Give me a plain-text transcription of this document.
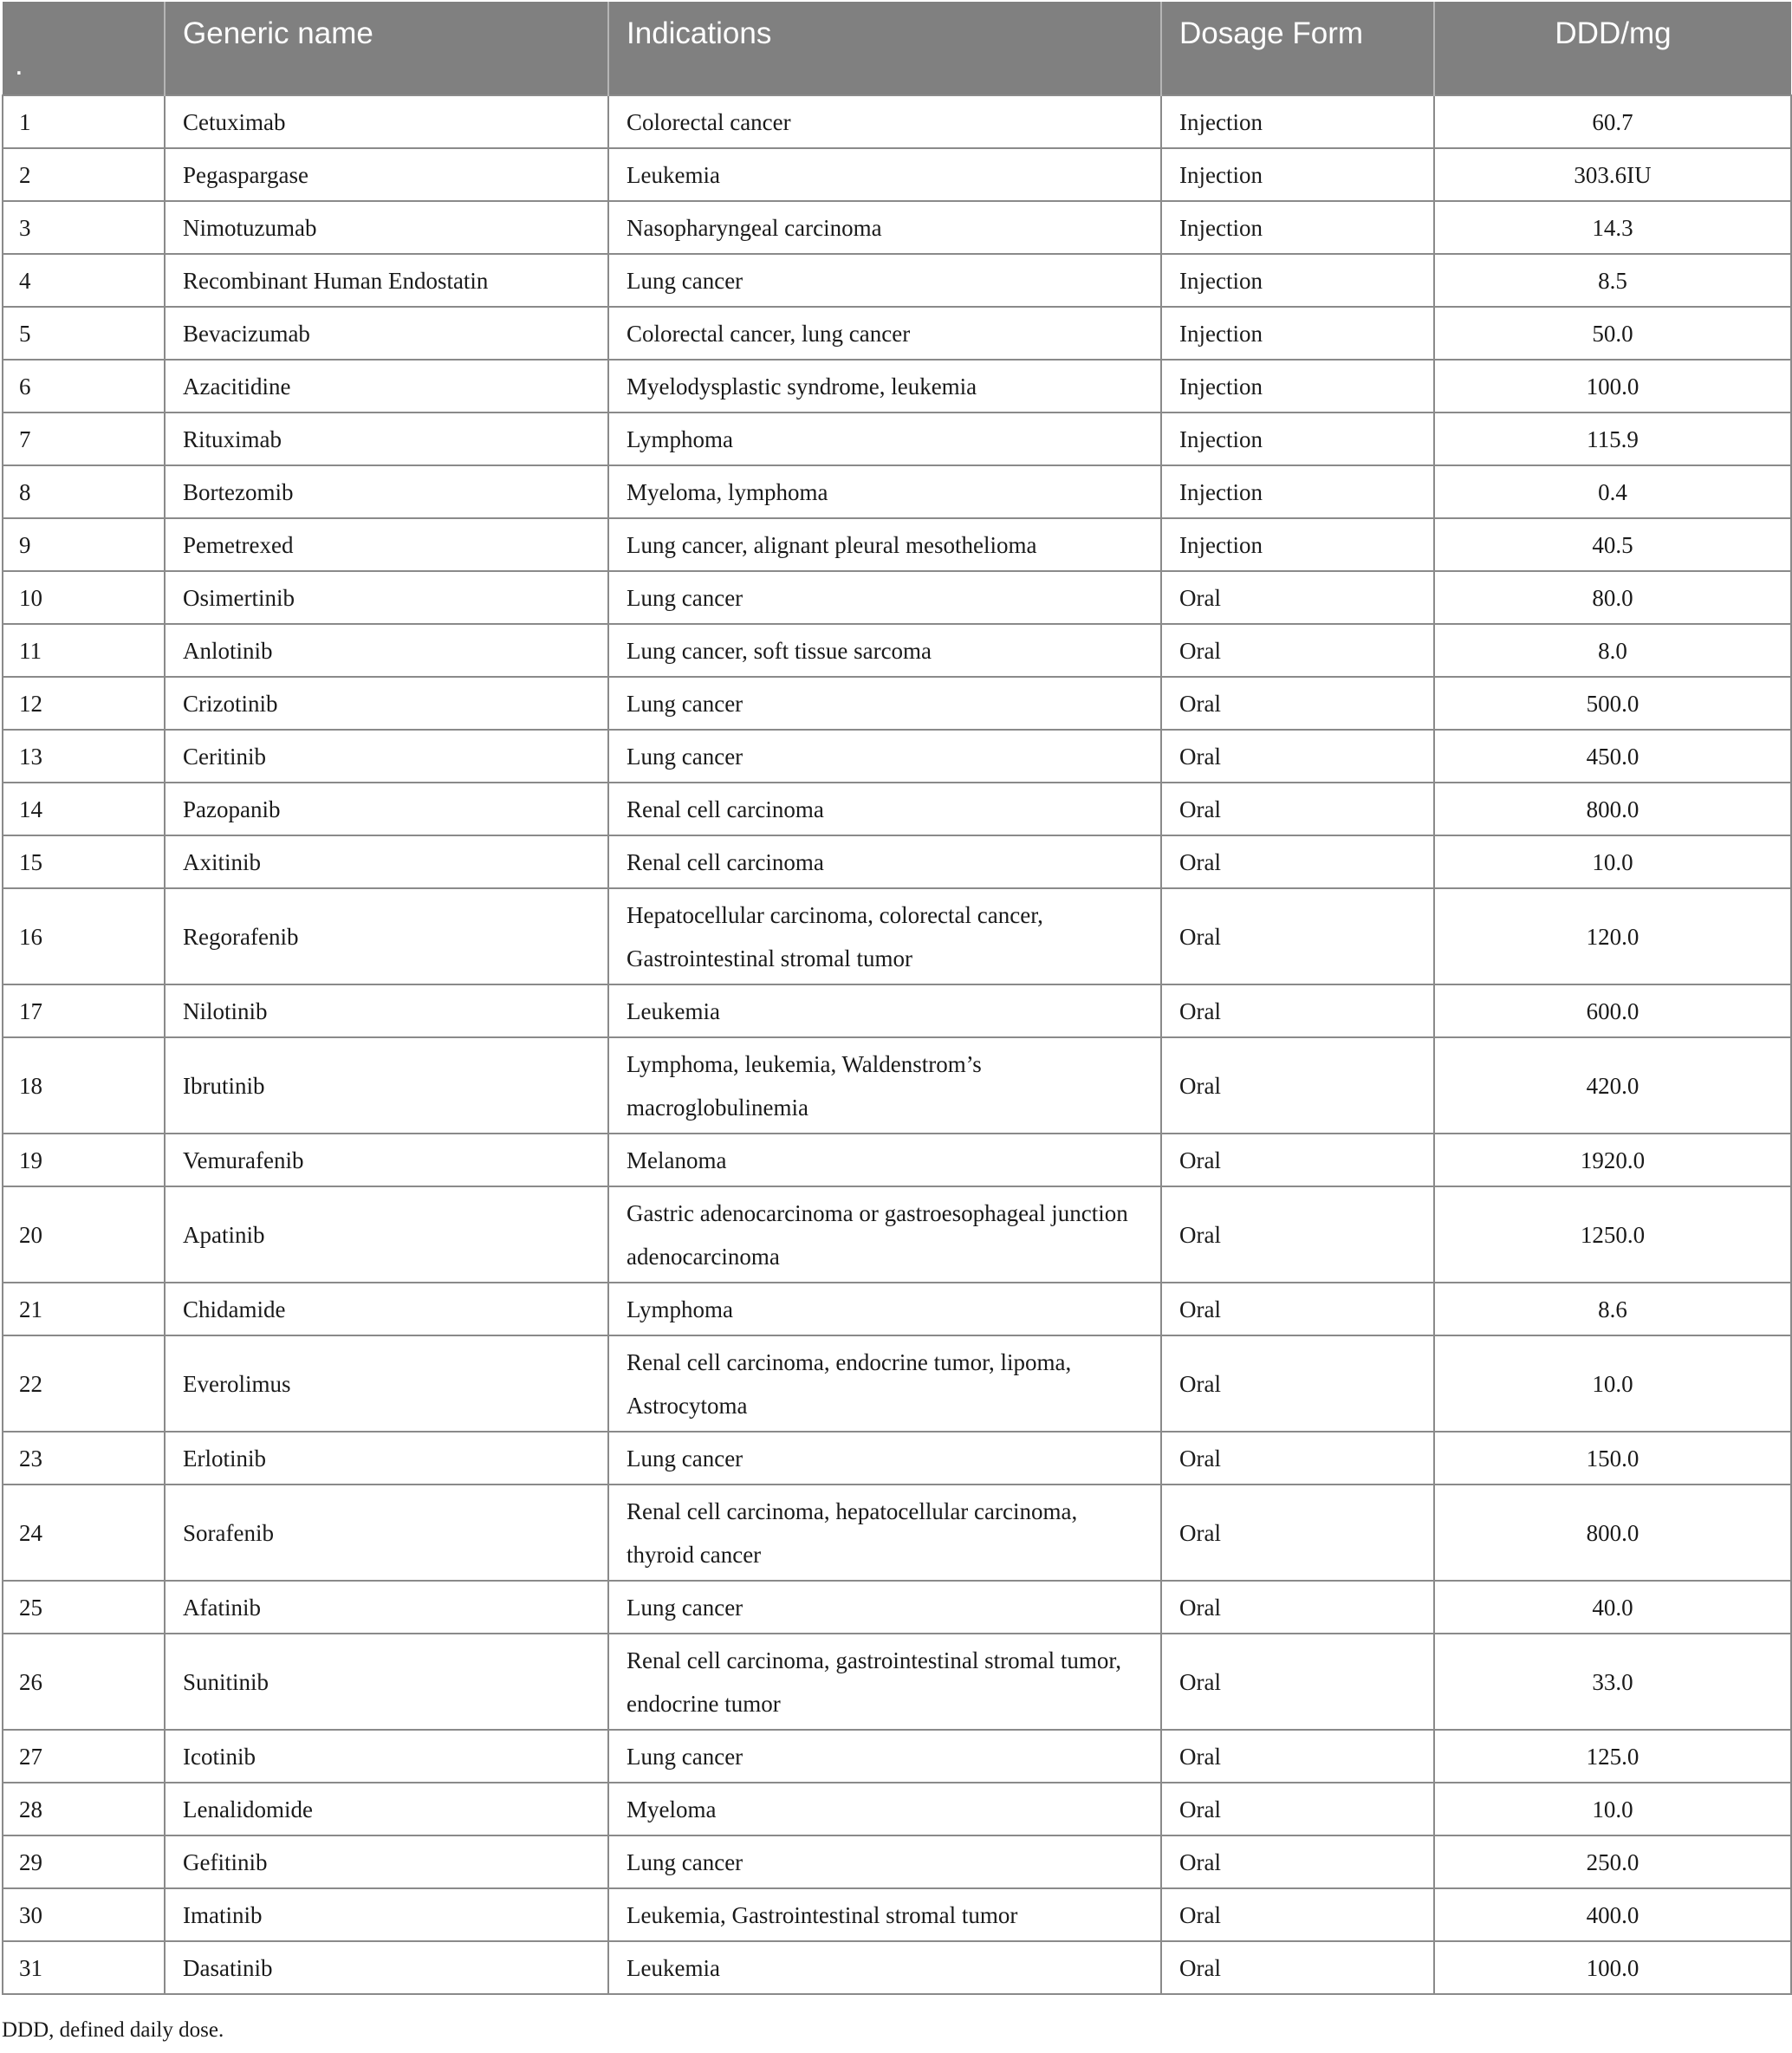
.	Generic name	Indications	Dosage Form	DDD/mg
1	Cetuximab	Colorectal cancer	Injection	60.7
2	Pegaspargase	Leukemia	Injection	303.6IU
3	Nimotuzumab	Nasopharyngeal carcinoma	Injection	14.3
4	Recombinant Human Endostatin	Lung cancer	Injection	8.5
5	Bevacizumab	Colorectal cancer, lung cancer	Injection	50.0
6	Azacitidine	Myelodysplastic syndrome, leukemia	Injection	100.0
7	Rituximab	Lymphoma	Injection	115.9
8	Bortezomib	Myeloma, lymphoma	Injection	0.4
9	Pemetrexed	Lung cancer, alignant pleural mesothelioma	Injection	40.5
10	Osimertinib	Lung cancer	Oral	80.0
11	Anlotinib	Lung cancer, soft tissue sarcoma	Oral	8.0
12	Crizotinib	Lung cancer	Oral	500.0
13	Ceritinib	Lung cancer	Oral	450.0
14	Pazopanib	Renal cell carcinoma	Oral	800.0
15	Axitinib	Renal cell carcinoma	Oral	10.0
16	Regorafenib	Hepatocellular carcinoma, colorectal cancer, Gastrointestinal stromal tumor	Oral	120.0
17	Nilotinib	Leukemia	Oral	600.0
18	Ibrutinib	Lymphoma, leukemia, Waldenstrom’s macroglobulinemia	Oral	420.0
19	Vemurafenib	Melanoma	Oral	1920.0
20	Apatinib	Gastric adenocarcinoma or gastroesophageal junction adenocarcinoma	Oral	1250.0
21	Chidamide	Lymphoma	Oral	8.6
22	Everolimus	Renal cell carcinoma, endocrine tumor, lipoma, Astrocytoma	Oral	10.0
23	Erlotinib	Lung cancer	Oral	150.0
24	Sorafenib	Renal cell carcinoma, hepatocellular carcinoma, thyroid cancer	Oral	800.0
25	Afatinib	Lung cancer	Oral	40.0
26	Sunitinib	Renal cell carcinoma, gastrointestinal stromal tumor, endocrine tumor	Oral	33.0
27	Icotinib	Lung cancer	Oral	125.0
28	Lenalidomide	Myeloma	Oral	10.0
29	Gefitinib	Lung cancer	Oral	250.0
30	Imatinib	Leukemia, Gastrointestinal stromal tumor	Oral	400.0
31	Dasatinib	Leukemia	Oral	100.0
DDD, defined daily dose.
